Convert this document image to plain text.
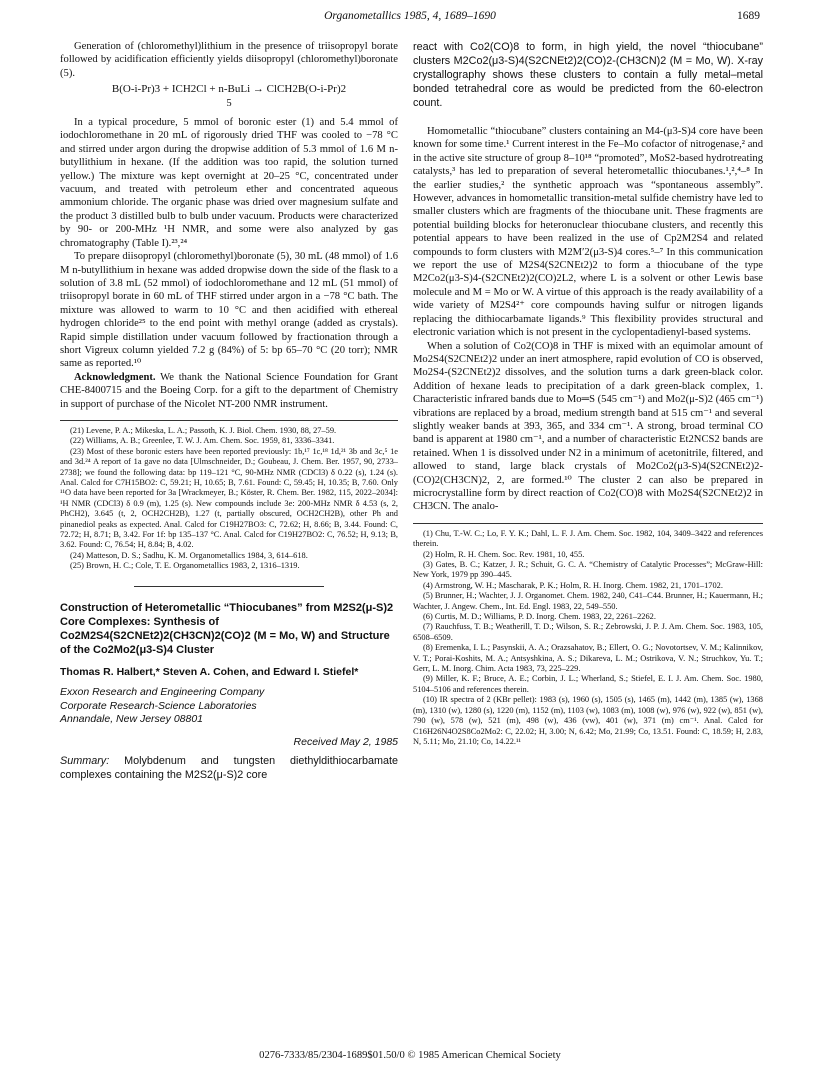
Organometallics 1985, 4, 1689–1690	1689

Generation of (chloromethyl)lithium in the presence of triisopropyl borate followed by acidification efficiently yields diisopropyl (chloromethyl)boronate (5).

B(O-i-Pr)3 + ICH2Cl + n-BuLi → ClCH2B(O-i-Pr)2
5

In a typical procedure, 5 mmol of boronic ester (1) and 5.4 mmol of iodochloromethane in 20 mL of rigorously dried THF was cooled to −78 °C and stirred under argon during the dropwise addition of 5.3 mmol of 1.6 M n-butyllithium in hexane. (If the addition was too rapid, the solution turned yellow.) The mixture was kept overnight at 20–25 °C, concentrated under vacuum, and treated with petroleum ether and concentrated aqueous ammonium chloride. The organic phase was dried over magnesium sulfate and the product 3 distilled bulb to bulb under vacuum. Products were characterized by 90- or 200-MHz ¹H NMR, and some were also analyzed by gas chromatography (Table I).²³,²⁴

To prepare diisopropyl (chloromethyl)boronate (5), 30 mL (48 mmol) of 1.6 M n-butyllithium in hexane was added dropwise down the side of the flask to a solution of 3.8 mL (52 mmol) of iodochloromethane and 12 mL (51 mmol) of triisopropyl borate in 60 mL of THF stirred under argon in a −78 °C bath. The mixture was allowed to warm to 10 °C and then acidified with ethereal hydrogen chloride²⁵ to the end point with methyl orange (added as crystals). Rapid simple distillation under vacuum followed by fractionation through a short Vigreux column yielded 7.2 g (84%) of 5: bp 65–70 °C (20 torr); NMR same as reported.¹⁰

Acknowledgment. We thank the National Science Foundation for Grant CHE-8400715 and the Boeing Corp. for a gift to the department of Chemistry in support of purchase of the Nicolet NT-200 NMR instrument.

(21) Levene, P. A.; Mikeska, L. A.; Passoth, K. J. Biol. Chem. 1930, 88, 27–59.

(22) Williams, A. B.; Greenlee, T. W. J. Am. Chem. Soc. 1959, 81, 3336–3341.

(23) Most of these boronic esters have been reported previously: 1b,¹⁷ 1c,¹⁸ 1d,²¹ 3b and 3c,⁵ 1e and 3d.²⁴ A report of 1a gave no data [Ulmschneider, D.; Goubeau, J. Chem. Ber. 1957, 90, 2733–2738]; we found the following data: bp 119–121 °C, 90-MHz NMR (CDCl3) δ 0.22 (s), 1.24 (s). Anal. Calcd for C7H15BO2: C, 59.21; H, 10.65; B, 7.61. Found: C, 59.45; H, 10.35; B, 7.60. Only ¹¹O data have been reported for 3a [Wrackmeyer, B.; Köster, R. Chem. Ber. 1982, 115, 2022–2034]: ¹H NMR (CDCl3) δ 0.9 (m), 1.25 (s). New compounds include 3e: 200-MHz NMR δ 4.53 (s, 2, PhCH2), 3.645 (t, 2, OCH2CH2B), 1.27 (t, partially obscured, OCH2CH2B), other Ph and pinanediol peaks as expected. Anal. Calcd for C19H27BO3: C, 72.62; H, 8.66; B, 3.44. Found: C, 72.72; H, 8.71; B, 3.42. For 1f: bp 135–137 °C. Anal. Calcd for C19H27BO2: C, 76.52; H, 9.13; B, 3.62. Found: C, 76.54; H, 8.84; B, 4.02.

(24) Matteson, D. S.; Sadhu, K. M. Organometallics 1984, 3, 614–618.

(25) Brown, H. C.; Cole, T. E. Organometallics 1983, 2, 1316–1319.

Construction of Heterometallic “Thiocubanes” from M2S2(μ-S)2 Core Complexes: Synthesis of Co2M2S4(S2CNEt2)2(CH3CN)2(CO)2 (M = Mo, W) and Structure of the Co2Mo2(μ3-S)4 Cluster
Thomas R. Halbert,* Steven A. Cohen, and Edward I. Stiefel*
Exxon Research and Engineering Company
Corporate Research-Science Laboratories
Annandale, New Jersey 08801
Received May 2, 1985
Summary: Molybdenum and tungsten diethyldithiocarbamate complexes containing the M2S2(μ-S)2 core
react with Co2(CO)8 to form, in high yield, the novel “thiocubane” clusters M2Co2(μ3-S)4(S2CNEt2)2(CO)2-(CH3CN)2 (M = Mo, W). X-ray crystallography shows these clusters to contain a fully metal–metal bonded tetrahedral core as would be predicted from the 60-electron count.

Homometallic “thiocubane” clusters containing an M4-(μ3-S)4 core have been known for some time.¹ Current interest in the Fe–Mo cofactor of nitrogenase,² and in the active site structure of group 8–10¹⁸ “promoted”, MoS2-based hydrotreating catalysts,³ has led to preparation of several heterometallic thiocubanes.¹,²,⁴–⁸ In the earlier studies,² the synthetic approach was “spontaneous assembly”. However, advances in homometallic transition-metal sulfide chemistry have led to smaller clusters which are fragments of the thiocubane unit. These fragments are potential building blocks for heteronuclear thiocubane clusters, and recently this potential appears to have been realized in the use of Cp2M2S4 and related compounds to form clusters with M2M′2(μ3-S)4 cores.⁵–⁷ In this communication we report the use of M2S4(S2CNEt2)2 to form a thiocubane of the type M2Co2(μ3-S)4-(S2CNEt2)2(CO)2L2, where L is a solvent or other Lewis base molecule and M = Mo or W. A virtue of this approach is the ready availability of a wide variety of M2S4²⁺ core compounds having sulfur or nitrogen ligands replacing the dithiocarbamate ligands.⁹ This flexibility provides structural and electronic variation which is not present in the cyclopentadienyl-based systems.

When a solution of Co2(CO)8 in THF is mixed with an equimolar amount of Mo2S4(S2CNEt2)2 under an inert atmosphere, rapid evolution of CO is observed, Mo2S4-(S2CNEt2)2 dissolves, and the solution turns a dark green-black color. Addition of hexane leads to precipitation of a dark green-black complex, 1. Characteristic infrared bands due to Mo═S (545 cm⁻¹) and Mo2(μ-S)2 (465 cm⁻¹) vibrations are replaced by a broad, medium strength band at 515 cm⁻¹ and several slightly weaker bands at 393, 365, and 334 cm⁻¹. A strong, broad terminal CO band is apparent at 1980 cm⁻¹, and a number of characteristic Et2NCS2 bands are retained. When 1 is dissolved under N2 in a minimum of acetonitrile, filtered, and allowed to stand, large black crystals of Mo2Co2(μ3-S)4(S2CNEt2)2-(CO)2(CH3CN)2, 2, are formed.¹⁰ The cluster 2 can also be prepared in microcrystalline form by direct reaction of Co2(CO)8 with Mo2S4(S2CNEt2)2 in CH3CN. The analo-

(1) Chu, T.-W. C.; Lo, F. Y. K.; Dahl, L. F. J. Am. Chem. Soc. 1982, 104, 3409–3422 and references therein.

(2) Holm, R. H. Chem. Soc. Rev. 1981, 10, 455.

(3) Gates, B. C.; Katzer, J. R.; Schuit, G. C. A. “Chemistry of Catalytic Processes”; McGraw-Hill: New York, 1979 pp 390–445.

(4) Armstrong, W. H.; Mascharak, P. K.; Holm, R. H. Inorg. Chem. 1982, 21, 1701–1702.

(5) Brunner, H.; Wachter, J. J. Organomet. Chem. 1982, 240, C41–C44. Brunner, H.; Kauermann, H.; Wachter, J. Angew. Chem., Int. Ed. Engl. 1983, 22, 549–550.

(6) Curtis, M. D.; Williams, P. D. Inorg. Chem. 1983, 22, 2261–2262.

(7) Rauchfuss, T. B.; Weatherill, T. D.; Wilson, S. R.; Zebrowski, J. P. J. Am. Chem. Soc. 1983, 105, 6508–6509.

(8) Eremenka, I. L.; Pasynskii, A. A.; Orazsahatov, B.; Ellert, O. G.; Novotortsev, V. M.; Kalinnikov, V. T.; Porai-Koshits, M. A.; Antsyshkina, A. S.; Dikareva, L. M.; Ostrikova, V. N.; Struchkov, Yu. T.; Gerr, L. M. Inorg. Chim. Acta 1983, 73, 225–229.

(9) Miller, K. F.; Bruce, A. E.; Corbin, J. L.; Wherland, S.; Stiefel, E. I. J. Am. Chem. Soc. 1980, 5104–5106 and references therein.

(10) IR spectra of 2 (KBr pellet): 1983 (s), 1960 (s), 1505 (s), 1465 (m), 1442 (m), 1385 (w), 1368 (m), 1310 (w), 1280 (s), 1220 (m), 1152 (m), 1103 (w), 1083 (m), 1008 (w), 976 (w), 922 (w), 851 (w), 790 (w), 578 (w), 521 (m), 498 (w), 436 (vw), 401 (w), 371 (m) cm⁻¹. Anal. Calcd for C16H26N4O2S8Co2Mo2: C, 22.02; H, 3.00; N, 6.42; Mo, 21.99; Co, 13.51. Found: C, 18.59; H, 2.83, N, 5.11; Mo, 21.10; Co, 14.22.¹¹

0276-7333/85/2304-1689$01.50/0 © 1985 American Chemical Society
